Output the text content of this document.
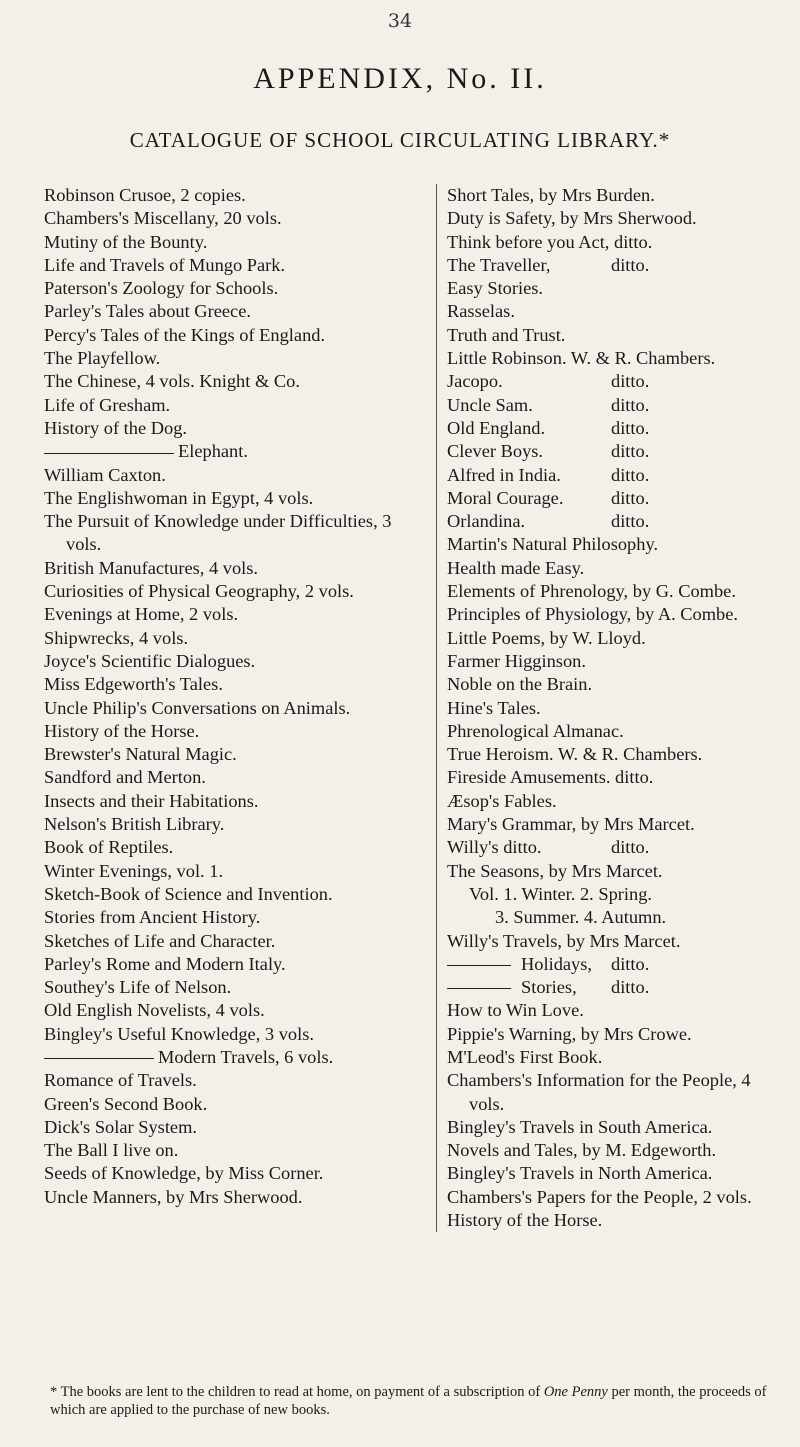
34
APPENDIX, No. II.
CATALOGUE OF SCHOOL CIRCULATING LIBRARY.*
Robinson Crusoe, 2 copies.
Chambers's Miscellany, 20 vols.
Mutiny of the Bounty.
Life and Travels of Mungo Park.
Paterson's Zoology for Schools.
Parley's Tales about Greece.
Percy's Tales of the Kings of England.
The Playfellow.
The Chinese, 4 vols. Knight & Co.
Life of Gresham.
History of the Dog.
Elephant.
William Caxton.
The Englishwoman in Egypt, 4 vols.
The Pursuit of Knowledge under Difficulties, 3 vols.
British Manufactures, 4 vols.
Curiosities of Physical Geography, 2 vols.
Evenings at Home, 2 vols.
Shipwrecks, 4 vols.
Joyce's Scientific Dialogues.
Miss Edgeworth's Tales.
Uncle Philip's Conversations on Animals.
History of the Horse.
Brewster's Natural Magic.
Sandford and Merton.
Insects and their Habitations.
Nelson's British Library.
Book of Reptiles.
Winter Evenings, vol. 1.
Sketch-Book of Science and Invention.
Stories from Ancient History.
Sketches of Life and Character.
Parley's Rome and Modern Italy.
Southey's Life of Nelson.
Old English Novelists, 4 vols.
Bingley's Useful Knowledge, 3 vols.
Modern Travels, 6 vols.
Romance of Travels.
Green's Second Book.
Dick's Solar System.
The Ball I live on.
Seeds of Knowledge, by Miss Corner.
Uncle Manners, by Mrs Sherwood.
Short Tales, by Mrs Burden.
Duty is Safety, by Mrs Sherwood.
Think before you Act, ditto.
The Traveller,	ditto.
Easy Stories.
Rasselas.
Truth and Trust.
Little Robinson. W. & R. Chambers.
Jacopo.	ditto.
Uncle Sam.	ditto.
Old England.	ditto.
Clever Boys.	ditto.
Alfred in India.	ditto.
Moral Courage.	ditto.
Orlandina.	ditto.
Martin's Natural Philosophy.
Health made Easy.
Elements of Phrenology, by G. Combe.
Principles of Physiology, by A. Combe.
Little Poems, by W. Lloyd.
Farmer Higginson.
Noble on the Brain.
Hine's Tales.
Phrenological Almanac.
True Heroism. W. & R. Chambers.
Fireside Amusements. ditto.
Æsop's Fables.
Mary's Grammar, by Mrs Marcet.
Willy's ditto.	ditto.
The Seasons, by Mrs Marcet.
Vol. 1. Winter. 2. Spring.
3. Summer. 4. Autumn.
Willy's Travels, by Mrs Marcet.
Holidays,	ditto.
Stories,	ditto.
How to Win Love.
Pippie's Warning, by Mrs Crowe.
M'Leod's First Book.
Chambers's Information for the People, 4 vols.
Bingley's Travels in South America.
Novels and Tales, by M. Edgeworth.
Bingley's Travels in North America.
Chambers's Papers for the People, 2 vols.
History of the Horse.
* The books are lent to the children to read at home, on payment of a subscription of One Penny per month, the proceeds of which are applied to the purchase of new books.
